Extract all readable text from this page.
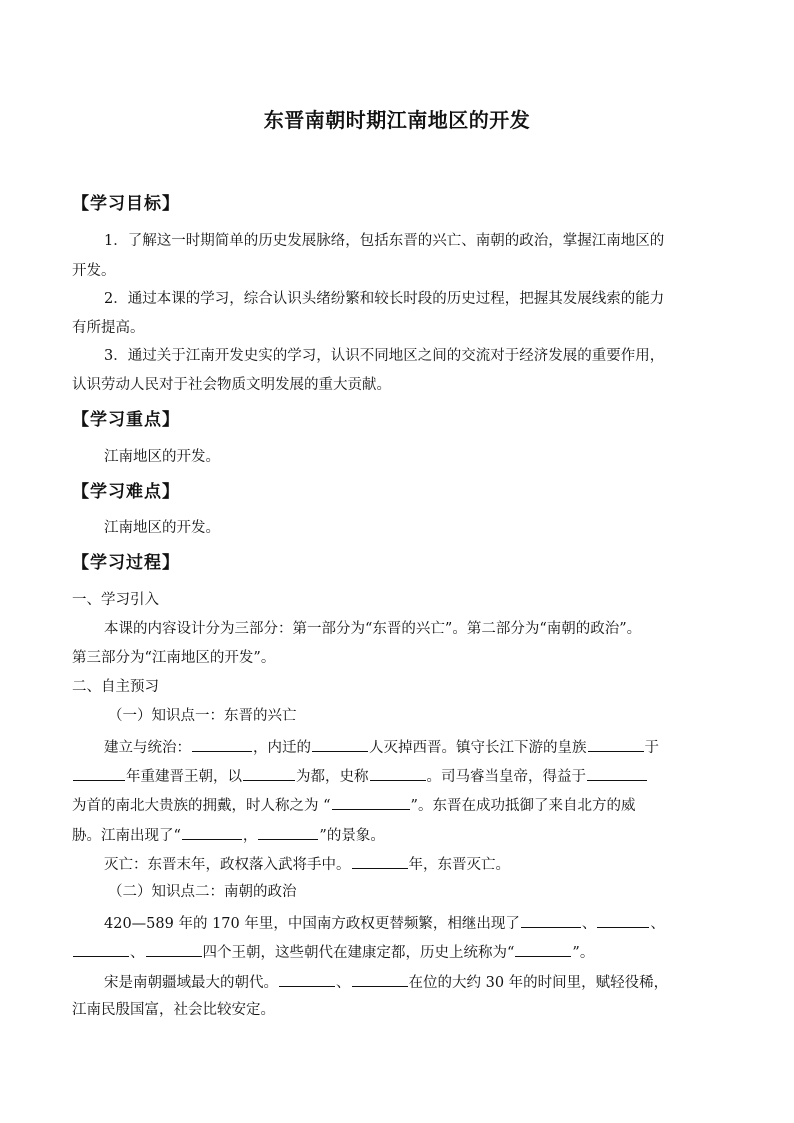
东晋南朝时期江南地区的开发
【学习目标】
1．了解这一时期简单的历史发展脉络，包括东晋的兴亡、南朝的政治，掌握江南地区的
开发。
2．通过本课的学习，综合认识头绪纷繁和较长时段的历史过程，把握其发展线索的能力
有所提高。
3．通过关于江南开发史实的学习，认识不同地区之间的交流对于经济发展的重要作用，
认识劳动人民对于社会物质文明发展的重大贡献。
【学习重点】
江南地区的开发。
【学习难点】
江南地区的开发。
【学习过程】
一、学习引入
本课的内容设计分为三部分：第一部分为“东晋的兴亡”。第二部分为“南朝的政治”。
第三部分为“江南地区的开发”。
二、自主预习
（一）知识点一：东晋的兴亡
建立与统治：	，内迁的	人灭掉西晋。镇守长江下游的皇族	于
年重建晋王朝，以	为都，史称	。司马睿当皇帝，得益于
为首的南北大贵族的拥戴，时人称之为 “	”。东晋在成功抵御了来自北方的威
胁。江南出现了“	，	”的景象。
灭亡：东晋末年，政权落入武将手中。	年，东晋灭亡。
（二）知识点二：南朝的政治
420—589 年的 170 年里，中国南方政权更替频繁，相继出现了	、	、
、	四个王朝，这些朝代在建康定都，历史上统称为“	”。
宋是南朝疆域最大的朝代。	、	在位的大约 30 年的时间里，赋轻役稀，
江南民殷国富，社会比较安定。
